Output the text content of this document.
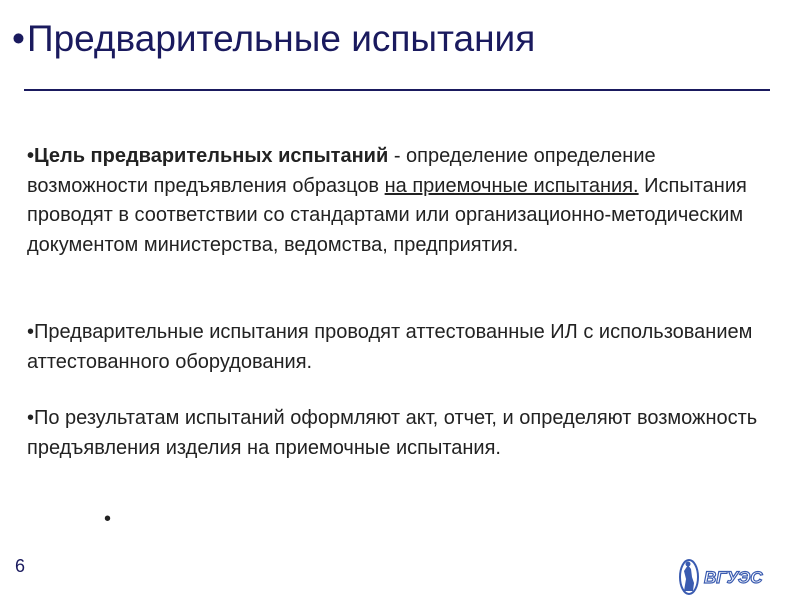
•Предварительные испытания
•Цель предварительных испытаний - определение определение возможности предъявления образцов на приемочные испытания. Испытания проводят в соответствии со стандартами или организационно-методическим документом министерства, ведомства, предприятия.
•Предварительные испытания проводят аттестованные ИЛ с использованием аттестованного оборудования.
•По результатам испытаний оформляют акт, отчет, и определяют возможность предъявления изделия на приемочные испытания.
•
6
ВГУЭС
